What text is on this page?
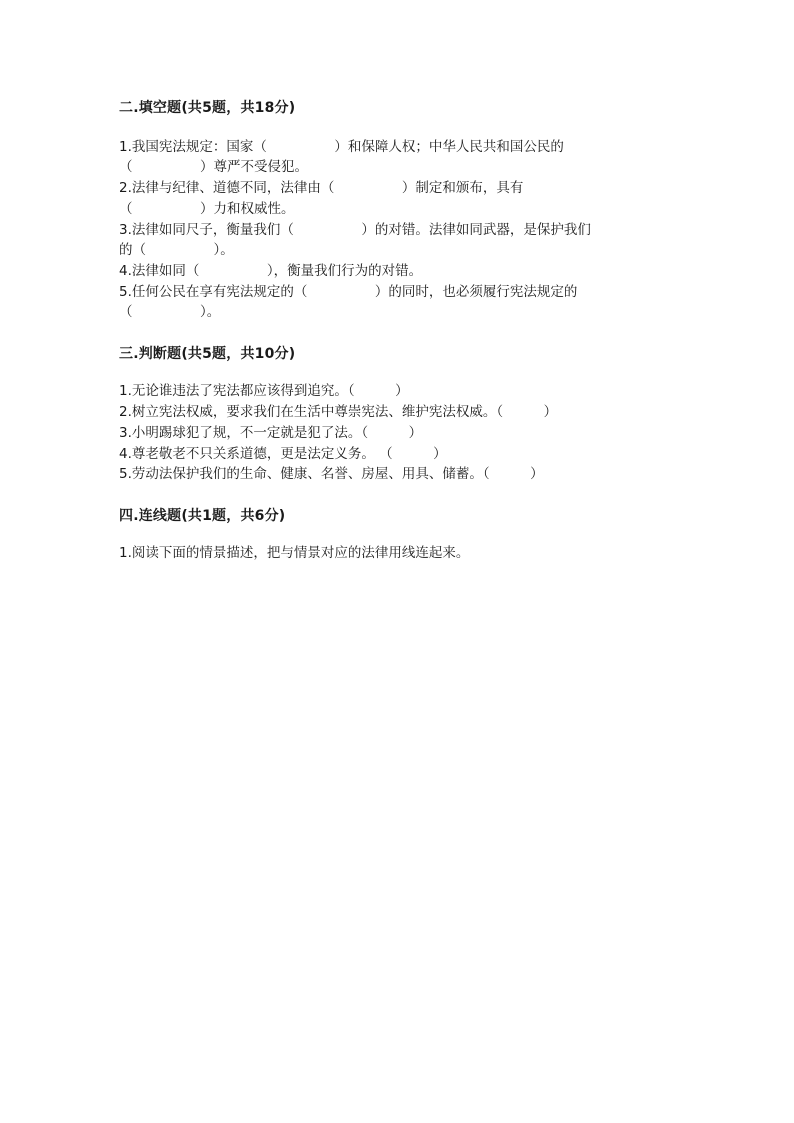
二.填空题(共5题，共18分)
1.我国宪法规定：国家（　　　　　）和保障人权；中华人民共和国公民的
（　　　　　）尊严不受侵犯。
2.法律与纪律、道德不同，法律由（　　　　　）制定和颁布，具有
（　　　　　）力和权威性。
3.法律如同尺子，衡量我们（　　　　　）的对错。法律如同武器，是保护我们
的（　　　　　）。
4.法律如同（　　　　　），衡量我们行为的对错。
5.任何公民在享有宪法规定的（　　　　　）的同时，也必须履行宪法规定的
（　　　　　）。
三.判断题(共5题，共10分)
1.无论谁违法了宪法都应该得到追究。（　　　）
2.树立宪法权威，要求我们在生活中尊崇宪法、维护宪法权威。（　　　）
3.小明踢球犯了规，不一定就是犯了法。（　　　）
4.尊老敬老不只关系道德，更是法定义务。 （　　　）
5.劳动法保护我们的生命、健康、名誉、房屋、用具、储蓄。（　　　）
四.连线题(共1题，共6分)
1.阅读下面的情景描述，把与情景对应的法律用线连起来。
